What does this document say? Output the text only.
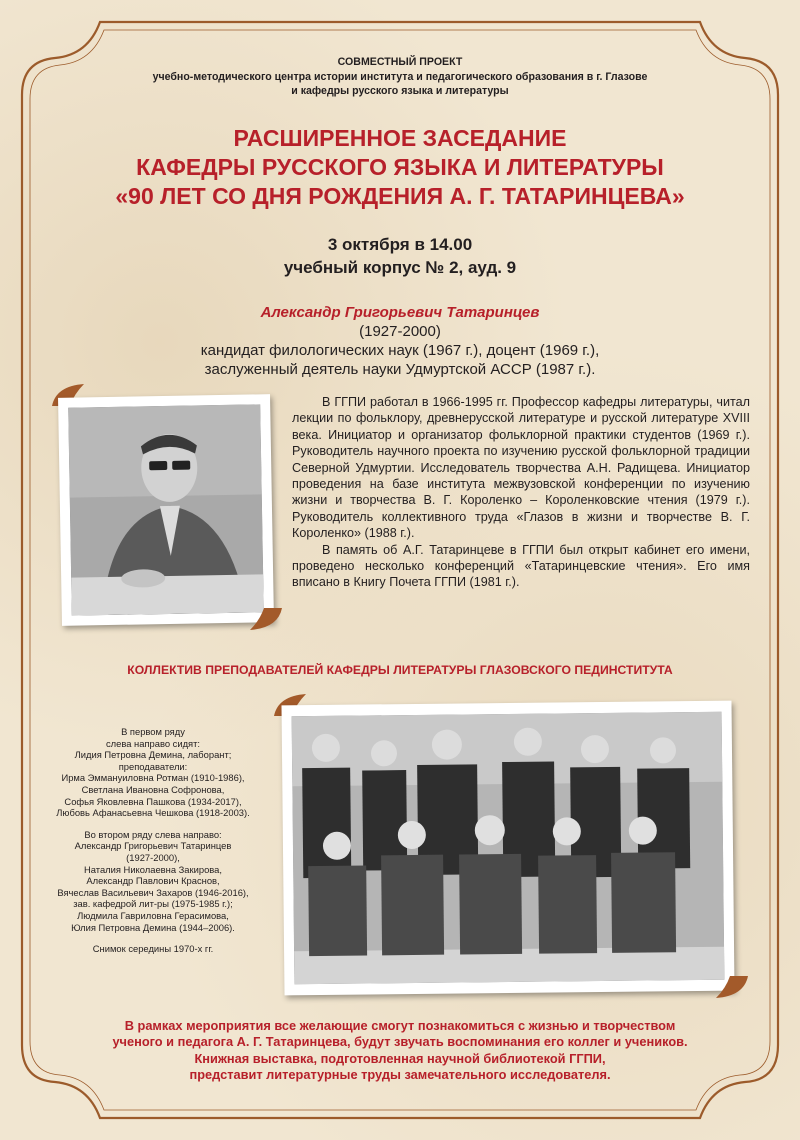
СОВМЕСТНЫЙ ПРОЕКТ
учебно-методического центра истории института и педагогического образования в г. Глазове
и кафедры русского языка и литературы
РАСШИРЕННОЕ ЗАСЕДАНИЕ
КАФЕДРЫ РУССКОГО ЯЗЫКА И ЛИТЕРАТУРЫ
«90 ЛЕТ СО ДНЯ РОЖДЕНИЯ А. Г. ТАТАРИНЦЕВА»
3 октября в 14.00
учебный корпус № 2, ауд. 9
Александр Григорьевич Татаринцев
(1927-2000)
кандидат филологических наук (1967 г.), доцент (1969 г.),
заслуженный деятель науки Удмуртской АССР (1987 г.).

В ГГПИ работал в 1966-1995 гг. Профессор кафедры литературы, читал лекции по фольклору, древнерусской литературе и русской литературе XVIII века. Инициатор и организатор фольклорной практики студентов (1969 г.). Руководитель научного проекта по изучению русской фольклорной традиции Северной Удмуртии. Исследователь творчества А.Н. Радищева. Инициатор проведения на базе института межвузовской конференции по изучению жизни и творчества В. Г. Короленко – Короленковские чтения (1979 г.). Руководитель коллективного труда «Глазов в жизни и творчестве В. Г. Короленко» (1988 г.).

В память об А.Г. Татаринцеве в ГГПИ был открыт кабинет его имени, проведено несколько конференций «Татаринцевские чтения». Его имя вписано в Книгу Почета ГГПИ (1981 г.).

КОЛЛЕКТИВ ПРЕПОДАВАТЕЛЕЙ КАФЕДРЫ ЛИТЕРАТУРЫ ГЛАЗОВСКОГО ПЕДИНСТИТУТА

В первом ряду
слева направо сидят:
Лидия Петровна Демина, лаборант;
преподаватели:
Ирма Эммануиловна Ротман (1910-1986),
Светлана Ивановна Софронова,
Софья Яковлевна Пашкова (1934-2017),
Любовь Афанасьевна Чешкова (1918-2003).

Во втором ряду слева направо:
Александр Григорьевич Татаринцев
(1927-2000),
Наталия Николаевна Закирова,
Александр Павлович Краснов,
Вячеслав Васильевич Захаров (1946-2016),
зав. кафедрой лит-ры (1975-1985 г.);
Людмила Гавриловна Герасимова,
Юлия Петровна Демина (1944–2006).

Снимок середины 1970-х гг.

В рамках мероприятия все желающие смогут познакомиться с жизнью и творчеством
ученого и педагога А. Г. Татаринцева, будут звучать воспоминания его коллег и учеников.
Книжная выставка, подготовленная научной библиотекой ГГПИ,
представит литературные труды замечательного исследователя.
